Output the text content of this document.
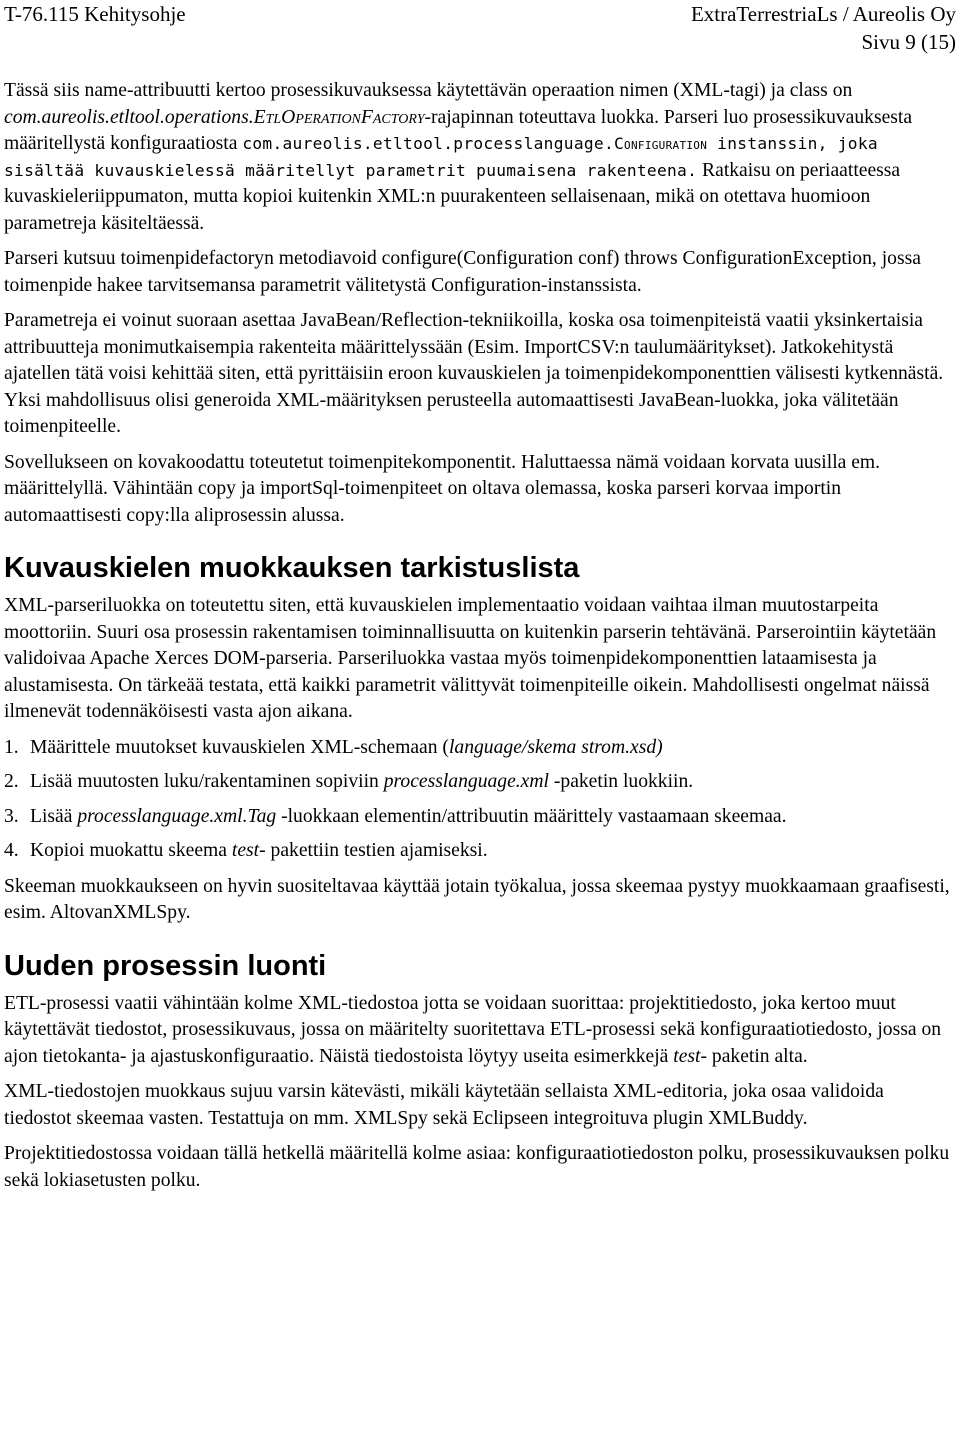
T-76.115 Kehitysohje	ExtraTerrestriaLs / Aureolis Oy
Sivu 9 (15)

Tässä siis name-attribuutti kertoo prosessikuvauksessa käytettävän operaation nimen (XML-tagi) ja class on com.aureolis.etltool.operations.EtlOperationFactory-rajapinnan toteuttava luokka. Parseri luo prosessikuvauksesta määritellystä konfiguraatiosta com.aureolis.etltool.processlanguage.Configuration instanssin, joka sisältää kuvauskielessä määritellyt parametrit puumaisena rakenteena. Ratkaisu on periaatteessa kuvaskieleriippumaton, mutta kopioi kuitenkin XML:n puurakenteen sellaisenaan, mikä on otettava huomioon parametreja käsiteltäessä.

Parseri kutsuu toimenpidefactoryn metodiavoid configure(Configuration conf) throws ConfigurationException, jossa toimenpide hakee tarvitsemansa parametrit välitetystä Configuration-instanssista.

Parametreja ei voinut suoraan asettaa JavaBean/Reflection-tekniikoilla, koska osa toimenpiteistä vaatii yksinkertaisia attribuutteja monimutkaisempia rakenteita määrittelyssään (Esim. ImportCSV:n taulumääritykset). Jatkokehitystä ajatellen tätä voisi kehittää siten, että pyrittäisiin eroon kuvauskielen ja toimenpidekomponenttien välisesti kytkennästä. Yksi mahdollisuus olisi generoida XML-määrityksen perusteella automaattisesti JavaBean-luokka, joka välitetään toimenpiteelle.

Sovellukseen on kovakoodattu toteutetut toimenpitekomponentit. Haluttaessa nämä voidaan korvata uusilla em. määrittelyllä. Vähintään copy ja importSql-toimenpiteet on oltava olemassa, koska parseri korvaa importin automaattisesti copy:lla aliprosessin alussa.

Kuvauskielen muokkauksen tarkistuslista

XML-parseriluokka on toteutettu siten, että kuvauskielen implementaatio voidaan vaihtaa ilman muutostarpeita moottoriin. Suuri osa prosessin rakentamisen toiminnallisuutta on kuitenkin parserin tehtävänä. Parserointiin käytetään validoivaa Apache Xerces DOM-parseria. Parseriluokka vastaa myös toimenpidekomponenttien lataamisesta ja alustamisesta. On tärkeää testata, että kaikki parametrit välittyvät toimenpiteille oikein. Mahdollisesti ongelmat näissä ilmenevät todennäköisesti vasta ajon aikana.

1. Määrittele muutokset kuvauskielen XML-schemaan (language/skema strom.xsd)
2. Lisää muutosten luku/rakentaminen sopiviin processlanguage.xml -paketin luokkiin.
3. Lisää processlanguage.xml.Tag -luokkaan elementin/attribuutin määrittely vastaamaan skeemaa.
4. Kopioi muokattu skeema test- pakettiin testien ajamiseksi.

Skeeman muokkaukseen on hyvin suositeltavaa käyttää jotain työkalua, jossa skeemaa pystyy muokkaamaan graafisesti, esim. AltovanXMLSpy.

Uuden prosessin luonti

ETL-prosessi vaatii vähintään kolme XML-tiedostoa jotta se voidaan suorittaa: projektitiedosto, joka kertoo muut käytettävät tiedostot, prosessikuvaus, jossa on määritelty suoritettava ETL-prosessi sekä konfiguraatiotiedosto, jossa on ajon tietokanta- ja ajastuskonfiguraatio. Näistä tiedostoista löytyy useita esimerkkejä test- paketin alta.

XML-tiedostojen muokkaus sujuu varsin kätevästi, mikäli käytetään sellaista XML-editoria, joka osaa validoida tiedostot skeemaa vasten. Testattuja on mm. XMLSpy sekä Eclipseen integroituva plugin XMLBuddy.

Projektitiedostossa voidaan tällä hetkellä määritellä kolme asiaa: konfiguraatiotiedoston polku, prosessikuvauksen polku sekä lokiasetusten polku.
